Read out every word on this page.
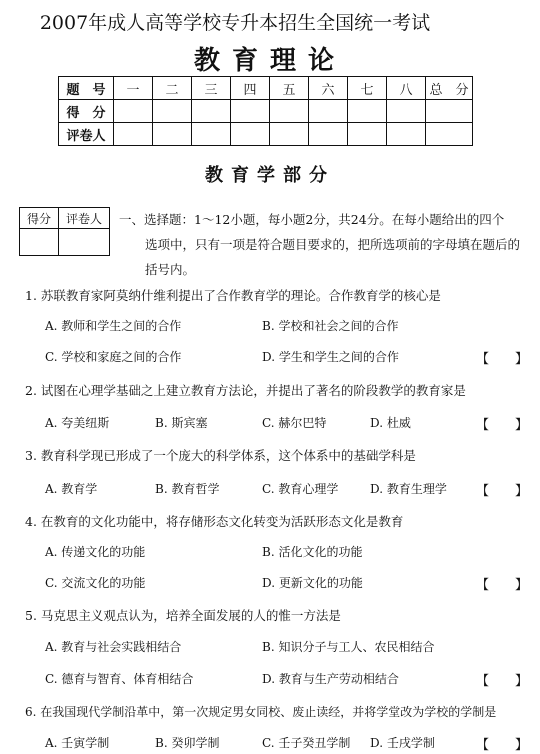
2007年成人高等学校专升本招生全国统一考试
教育理论
题　号	一	二	三	四	五	六	七	八	总　分
得　分									
评卷人									
教育学部分
得分	评卷人
	一、选择题：1～12小题，每小题2分，共24分。在每小题给出的四个
选项中，只有一项是符合题目要求的，把所选项前的字母填在题后的
括号内。
1. 苏联教育家阿莫纳什维利提出了合作教育学的理论。合作教育学的核心是
A. 教师和学生之间的合作	B. 学校和社会之间的合作
C. 学校和家庭之间的合作	D. 学生和学生之间的合作	【　　】
2. 试图在心理学基础之上建立教育方法论，并提出了著名的阶段教学的教育家是
A. 夸美纽斯	B. 斯宾塞	C. 赫尔巴特	D. 杜威	【　　】
3. 教育科学现已形成了一个庞大的科学体系，这个体系中的基础学科是
A. 教育学	B. 教育哲学	C. 教育心理学	D. 教育生理学 【　　】
4. 在教育的文化功能中，将存储形态文化转变为活跃形态文化是教育
A. 传递文化的功能	B. 活化文化的功能
C. 交流文化的功能	D. 更新文化的功能	【　　】
5. 马克思主义观点认为，培养全面发展的人的惟一方法是
A. 教育与社会实践相结合	B. 知识分子与工人、农民相结合
C. 德育与智育、体育相结合	D. 教育与生产劳动相结合	【　　】
6. 在我国现代学制沿革中，第一次规定男女同校、废止读经，并将学堂改为学校的学制是
A. 壬寅学制	B. 癸卯学制	C. 壬子癸丑学制 D. 壬戌学制	【　　】
